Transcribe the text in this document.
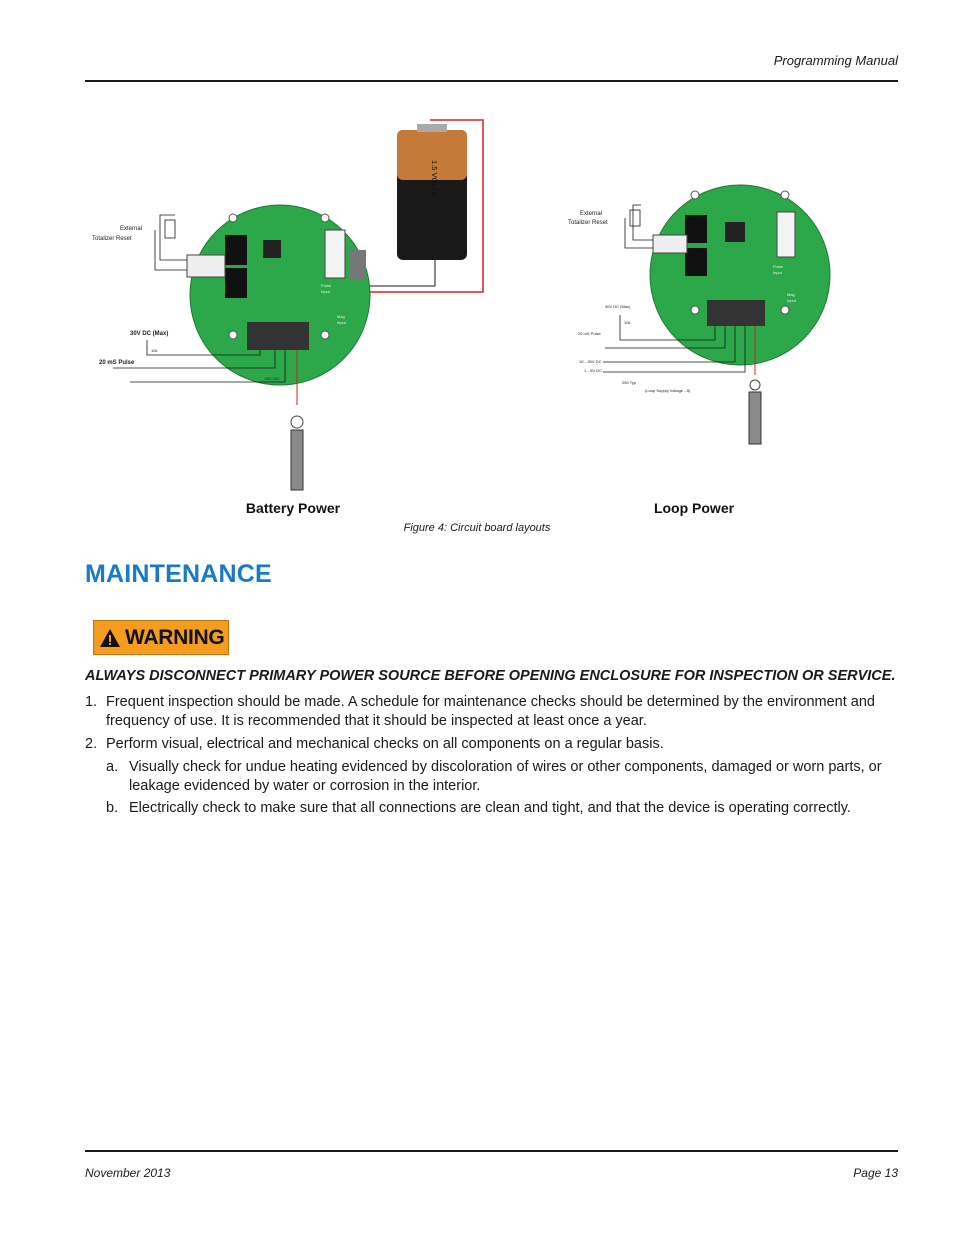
Programming Manual
Pulse
Input
Mag
Input
External
Totalizer Reset
30V DC (Max)
20 mS Pulse
10k
N/C N/C
1.5 VOLTS
Battery Power
Pulse
Input
Mag
Input
External
Totalizer Reset
30V DC (Max)
10k
20 mS Pulse
10…30V DC
1…5V DC
250 Typ
(Loop Supply Voltage - 8)
Loop Power
Figure 4: Circuit board layouts
MAINTENANCE
WARNING
ALWAYS DISCONNECT PRIMARY POWER SOURCE BEFORE OPENING ENCLOSURE FOR INSPECTION OR SERVICE.
1. Frequent inspection should be made. A schedule for maintenance checks should be determined by the environment and frequency of use. It is recommended that it should be inspected at least once a year.
2. Perform visual, electrical and mechanical checks on all components on a regular basis.
a. Visually check for undue heating evidenced by discoloration of wires or other components, damaged or worn parts, or leakage evidenced by water or corrosion in the interior.
b. Electrically check to make sure that all connections are clean and tight, and that the device is operating correctly.
November 2013	Page 13
